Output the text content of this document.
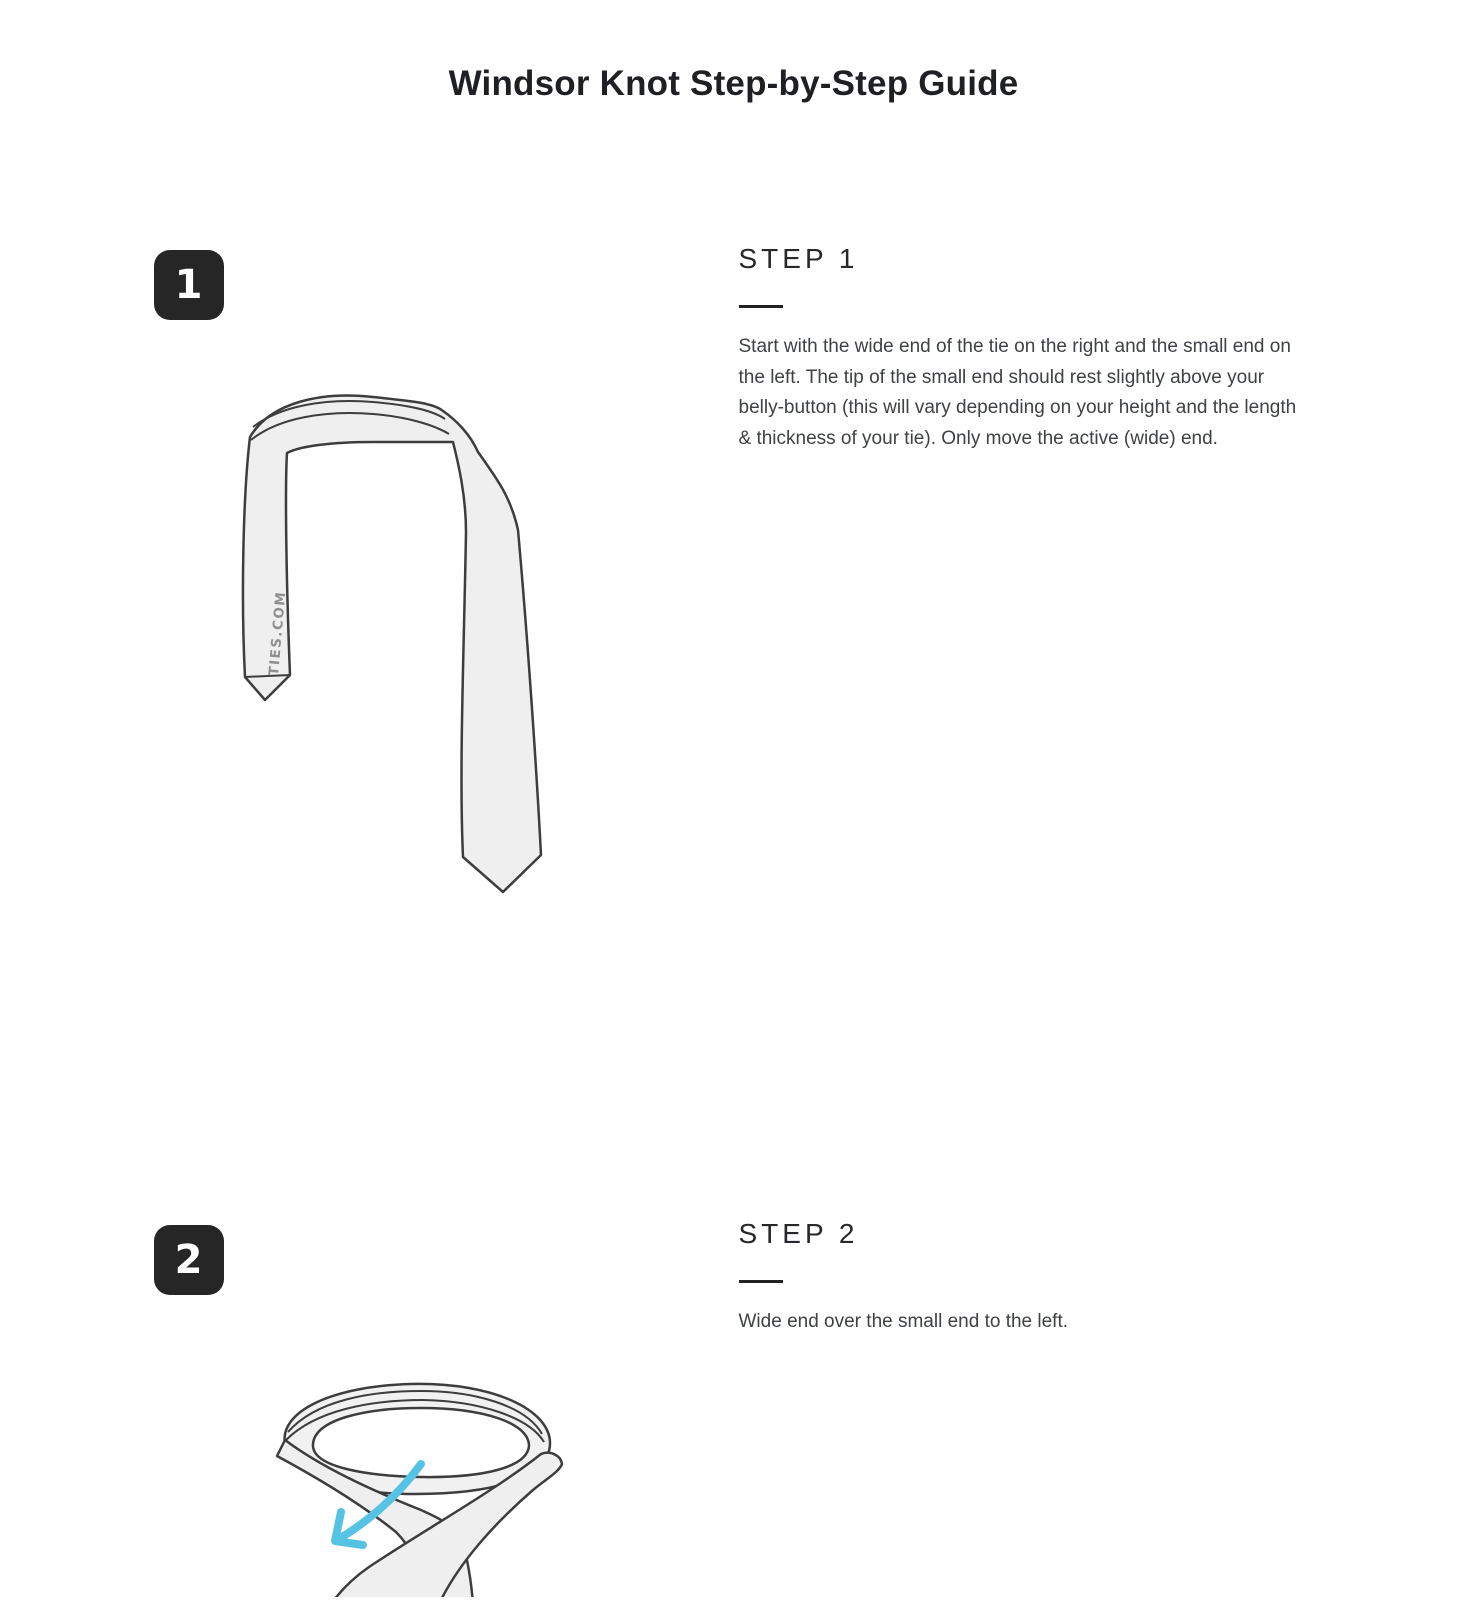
Windsor Knot Step-by-Step Guide
1
TIES.COM
STEP 1

Start with the wide end of the tie on the right and the small end on the left. The tip of the small end should rest slightly above your belly-button (this will vary depending on your height and the length & thickness of your tie). Only move the active (wide) end.

2
STEP 2

Wide end over the small end to the left.
